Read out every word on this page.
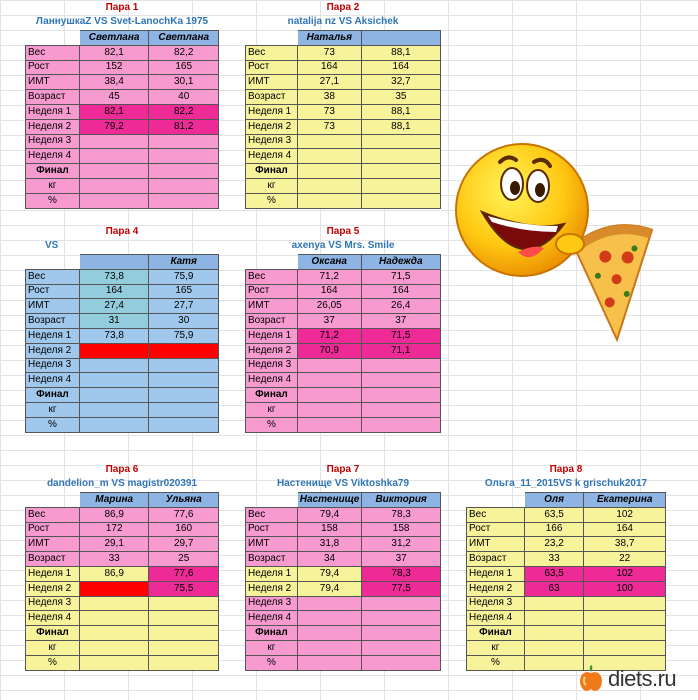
Пара 1
ЛаннушкаZ VS Svet-LanochKa 1975
	Светлана	Светлана
Вес	82,1	82,2
Рост	152	165
ИМТ	38,4	30,1
Возраст	45	40
Неделя 1	82,1	82,2
Неделя 2	79,2	81,2
Неделя 3		
Неделя 4		
Финал		
кг		
%		
Пара 2
natalija nz VS Aksichek
	Наталья	
Вес	73	88,1
Рост	164	164
ИМТ	27,1	32,7
Возраст	38	35
Неделя 1	73	88,1
Неделя 2	73	88,1
Неделя 3		
Неделя 4		
Финал		
кг		
%		
Пара 4
VS
		Катя
Вес	73,8	75,9
Рост	164	165
ИМТ	27,4	27,7
Возраст	31	30
Неделя 1	73,8	75,9
Неделя 2		
Неделя 3		
Неделя 4		
Финал		
кг		
%		
Пара 5
axenya VS Mrs. Smile
	Оксана	Надежда
Вес	71,2	71,5
Рост	164	164
ИМТ	26,05	26,4
Возраст	37	37
Неделя 1	71,2	71,5
Неделя 2	70,9	71,1
Неделя 3		
Неделя 4		
Финал		
кг		
%		
Пара 6
dandelion_m VS magistr020391
	Марина	Ульяна
Вес	86,9	77,6
Рост	172	160
ИМТ	29,1	29,7
Возраст	33	25
Неделя 1	86,9	77,6
Неделя 2		75,5
Неделя 3		
Неделя 4		
Финал		
кг		
%		
Пара 7
Настенище VS Viktoshka79
	Настенище	Виктория
Вес	79,4	78,3
Рост	158	158
ИМТ	31,8	31,2
Возраст	34	37
Неделя 1	79,4	78,3
Неделя 2	79,4	77,5
Неделя 3		
Неделя 4		
Финал		
кг		
%		
Пара 8
Ольга_11_2015VS k grischuk2017
	Оля	Екатерина
Вес	63,5	102
Рост	166	164
ИМТ	23,2	38,7
Возраст	33	22
Неделя 1	63,5	102
Неделя 2	63	100
Неделя 3		
Неделя 4		
Финал		
кг		
%		
diets.ru
